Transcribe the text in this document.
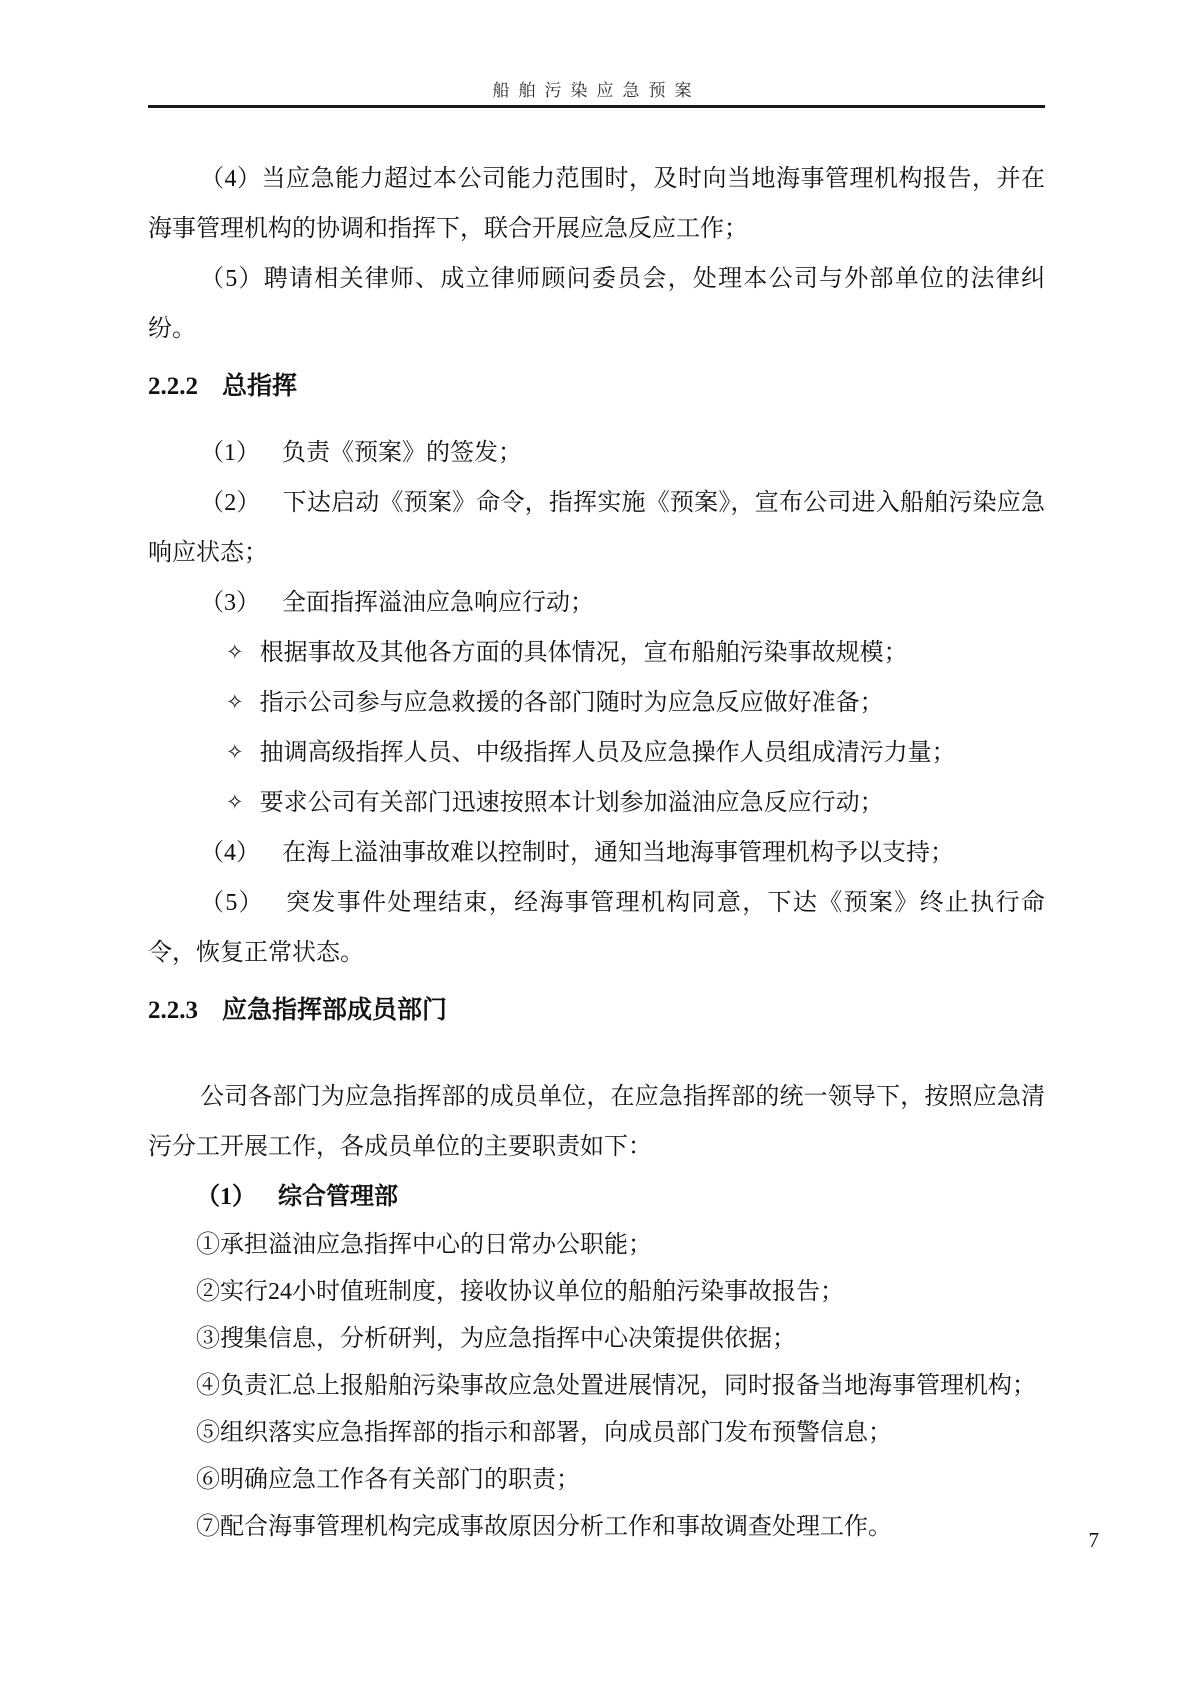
船舶污染应急预案

（4）当应急能力超过本公司能力范围时，及时向当地海事管理机构报告，并在海事管理机构的协调和指挥下，联合开展应急反应工作；

（5）聘请相关律师、成立律师顾问委员会，处理本公司与外部单位的法律纠纷。

2.2.2 总指挥

（1） 负责《预案》的签发；

（2） 下达启动《预案》命令，指挥实施《预案》，宣布公司进入船舶污染应急响应状态；

（3） 全面指挥溢油应急响应行动；

✧ 根据事故及其他各方面的具体情况，宣布船舶污染事故规模；

✧ 指示公司参与应急救援的各部门随时为应急反应做好准备；

✧ 抽调高级指挥人员、中级指挥人员及应急操作人员组成清污力量；

✧ 要求公司有关部门迅速按照本计划参加溢油应急反应行动；

（4） 在海上溢油事故难以控制时，通知当地海事管理机构予以支持；

（5） 突发事件处理结束，经海事管理机构同意，下达《预案》终止执行命令，恢复正常状态。

2.2.3 应急指挥部成员部门

公司各部门为应急指挥部的成员单位，在应急指挥部的统一领导下，按照应急清污分工开展工作，各成员单位的主要职责如下：

（1） 综合管理部

①承担溢油应急指挥中心的日常办公职能；

②实行24小时值班制度，接收协议单位的船舶污染事故报告；

③搜集信息，分析研判，为应急指挥中心决策提供依据；

④负责汇总上报船舶污染事故应急处置进展情况，同时报备当地海事管理机构；

⑤组织落实应急指挥部的指示和部署，向成员部门发布预警信息；

⑥明确应急工作各有关部门的职责；

⑦配合海事管理机构完成事故原因分析工作和事故调查处理工作。	7
